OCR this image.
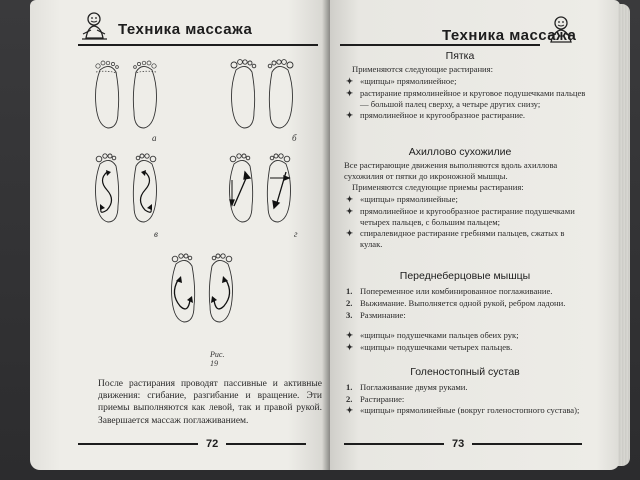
Техника массажа
а	б
в	г
Рис. 19
После растирания проводят пассивные и активные движения: сгибание, разгибание и вращение. Эти приемы выполняются как левой, так и правой рукой. Завершается массаж поглаживанием.
72
Техника массажа
Пятка
Применяются следующие растирания:
✦ «щипцы» прямолинейное;
✦ растирание прямолинейное и круговое подушечками пальцев — большой палец сверху, а четыре других снизу;
✦ прямолинейное и кругообразное растирание.
Ахиллово сухожилие
Все растирающие движения выполняются вдоль ахиллова сухожилия от пятки до икроножной мышцы.
Применяются следующие приемы растирания:
✦ «щипцы» прямолинейные;
✦ прямолинейное и кругообразное растирание подушечками четырех пальцев, с большим пальцем;
✦ спиралевидное растирание гребнями пальцев, сжатых в кулак.
Переднеберцовые мышцы
1. Попеременное или комбинированное поглаживание.
2. Выжимание. Выполняется одной рукой, ребром ладони.
3. Разминание:
✦ «щипцы» подушечками пальцев обеих рук;
✦ «щипцы» подушечками четырех пальцев.
Голеностопный сустав
1. Поглаживание двумя руками.
2. Растирание:
✦ «щипцы» прямолинейные (вокруг голеностопного сустава);
73
